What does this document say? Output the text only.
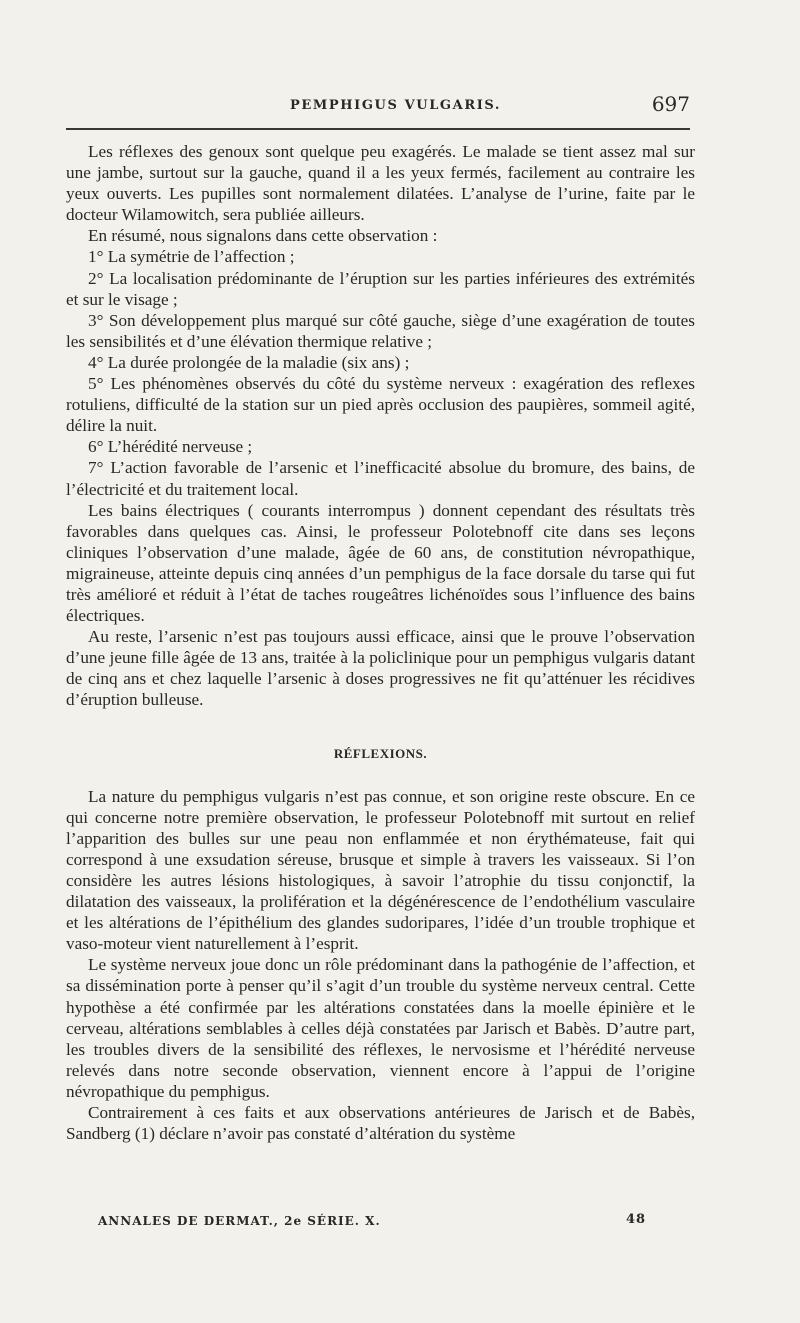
PEMPHIGUS VULGARIS.	697

Les réflexes des genoux sont quelque peu exagérés. Le malade se tient assez mal sur une jambe, surtout sur la gauche, quand il a les yeux fermés, facilement au contraire les yeux ouverts. Les pupilles sont normalement dilatées. L’analyse de l’urine, faite par le docteur Wilamowitch, sera publiée ailleurs.

En résumé, nous signalons dans cette observation :

1° La symétrie de l’affection ;

2° La localisation prédominante de l’éruption sur les parties inférieures des extrémités et sur le visage ;

3° Son développement plus marqué sur côté gauche, siège d’une exagération de toutes les sensibilités et d’une élévation thermique relative ;

4° La durée prolongée de la maladie (six ans) ;

5° Les phénomènes observés du côté du système nerveux : exagération des reflexes rotuliens, difficulté de la station sur un pied après occlusion des paupières, sommeil agité, délire la nuit.

6° L’hérédité nerveuse ;

7° L’action favorable de l’arsenic et l’inefficacité absolue du bromure, des bains, de l’électricité et du traitement local.

Les bains électriques ( courants interrompus ) donnent cependant des résultats très favorables dans quelques cas. Ainsi, le professeur Polotebnoff cite dans ses leçons cliniques l’observation d’une malade, âgée de 60 ans, de constitution névropathique, migraineuse, atteinte depuis cinq années d’un pemphigus de la face dorsale du tarse qui fut très amélioré et réduit à l’état de taches rougeâtres lichénoïdes sous l’influence des bains électriques.

Au reste, l’arsenic n’est pas toujours aussi efficace, ainsi que le prouve l’observation d’une jeune fille âgée de 13 ans, traitée à la policlinique pour un pemphigus vulgaris datant de cinq ans et chez laquelle l’arsenic à doses progressives ne fit qu’atténuer les récidives d’éruption bulleuse.

RÉFLEXIONS.

La nature du pemphigus vulgaris n’est pas connue, et son origine reste obscure. En ce qui concerne notre première observation, le professeur Polotebnoff mit surtout en relief l’apparition des bulles sur une peau non enflammée et non érythémateuse, fait qui correspond à une exsudation séreuse, brusque et simple à travers les vaisseaux. Si l’on considère les autres lésions histologiques, à savoir l’atrophie du tissu conjonctif, la dilatation des vaisseaux, la prolifération et la dégénérescence de l’endothélium vasculaire et les altérations de l’épithélium des glandes sudoripares, l’idée d’un trouble trophique et vaso-moteur vient naturellement à l’esprit.

Le système nerveux joue donc un rôle prédominant dans la pathogénie de l’affection, et sa dissémination porte à penser qu’il s’agit d’un trouble du système nerveux central. Cette hypothèse a été confirmée par les altérations constatées dans la moelle épinière et le cerveau, altérations semblables à celles déjà constatées par Jarisch et Babès. D’autre part, les troubles divers de la sensibilité des réflexes, le nervosisme et l’hérédité nerveuse relevés dans notre seconde observation, viennent encore à l’appui de l’origine névropathique du pemphigus.

Contrairement à ces faits et aux observations antérieures de Jarisch et de Babès, Sandberg (1) déclare n’avoir pas constaté d’altération du système

ANNALES DE DERMAT., 2e SÉRIE. X.	48
